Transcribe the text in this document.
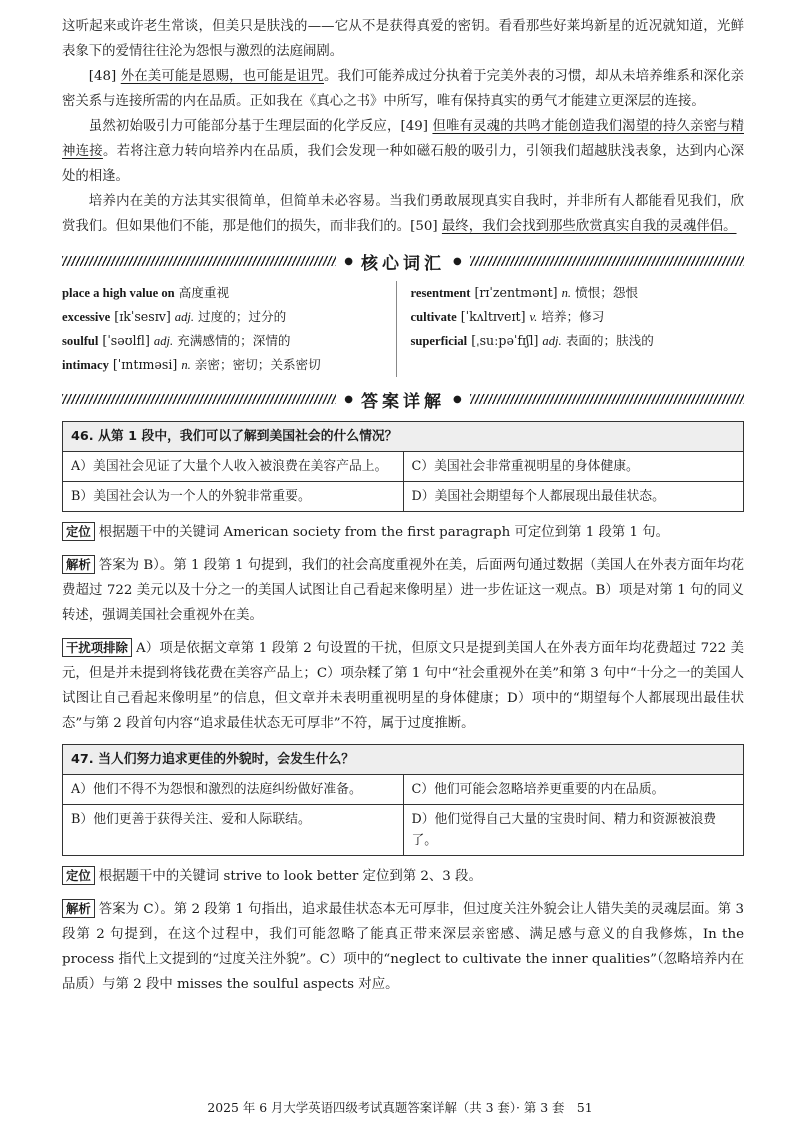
这听起来或许老生常谈，但美只是肤浅的——它从不是获得真爱的密钥。看看那些好莱坞新星的近况就知道，光鲜表象下的爱情往往沦为怨恨与激烈的法庭闹剧。

[48] 外在美可能是恩赐，也可能是诅咒。我们可能养成过分执着于完美外表的习惯，却从未培养维系和深化亲密关系与连接所需的内在品质。正如我在《真心之书》中所写，唯有保持真实的勇气才能建立更深层的连接。

虽然初始吸引力可能部分基于生理层面的化学反应，[49] 但唯有灵魂的共鸣才能创造我们渴望的持久亲密与精神连接。若将注意力转向培养内在品质，我们会发现一种如磁石般的吸引力，引领我们超越肤浅表象，达到内心深处的相逢。

培养内在美的方法其实很简单，但简单未必容易。当我们勇敢展现真实自我时，并非所有人都能看见我们，欣赏我们。但如果他们不能，那是他们的损失，而非我们的。[50] 最终，我们会找到那些欣赏真实自我的灵魂伴侣。

● 核心词汇 ●
place a high value on 高度重视
excessive [ɪkˈsesɪv] adj. 过度的；过分的
soulful [ˈsəʊlfl] adj. 充满感情的；深情的
intimacy [ˈɪntɪməsi] n. 亲密；密切；关系密切
resentment [rɪˈzentmənt] n. 愤恨；怨恨
cultivate [ˈkʌltɪveɪt] v. 培养；修习
superficial [ˌsuːpəˈfɪʃl] adj. 表面的；肤浅的
● 答案详解 ●
46. 从第 1 段中，我们可以了解到美国社会的什么情况？	
A）美国社会见证了大量个人收入被浪费在美容产品上。	C）美国社会非常重视明星的身体健康。
B）美国社会认为一个人的外貌非常重要。	D）美国社会期望每个人都展现出最佳状态。

定位 根据题干中的关键词 American society from the first paragraph 可定位到第 1 段第 1 句。

解析 答案为 B）。第 1 段第 1 句提到，我们的社会高度重视外在美，后面两句通过数据（美国人在外表方面年均花费超过 722 美元以及十分之一的美国人试图让自己看起来像明星）进一步佐证这一观点。B）项是对第 1 句的同义转述，强调美国社会重视外在美。

干扰项排除 A）项是依据文章第 1 段第 2 句设置的干扰，但原文只是提到美国人在外表方面年均花费超过 722 美元，但是并未提到将钱花费在美容产品上；C）项杂糅了第 1 句中“社会重视外在美”和第 3 句中“十分之一的美国人试图让自己看起来像明星”的信息，但文章并未表明重视明星的身体健康；D）项中的“期望每个人都展现出最佳状态”与第 2 段首句内容“追求最佳状态无可厚非”不符，属于过度推断。

47. 当人们努力追求更佳的外貌时，会发生什么？	
A）他们不得不为怨恨和激烈的法庭纠纷做好准备。	C）他们可能会忽略培养更重要的内在品质。
B）他们更善于获得关注、爱和人际联结。	D）他们觉得自己大量的宝贵时间、精力和资源被浪费了。

定位 根据题干中的关键词 strive to look better 定位到第 2、3 段。

解析 答案为 C）。第 2 段第 1 句指出，追求最佳状态本无可厚非，但过度关注外貌会让人错失美的灵魂层面。第 3 段第 2 句提到，在这个过程中，我们可能忽略了能真正带来深层亲密感、满足感与意义的自我修炼，In the process 指代上文提到的“过度关注外貌”。C）项中的“neglect to cultivate the inner qualities”（忽略培养内在品质）与第 2 段中 misses the soulful aspects 对应。

2025 年 6 月大学英语四级考试真题答案详解（共 3 套）· 第 3 套　51
